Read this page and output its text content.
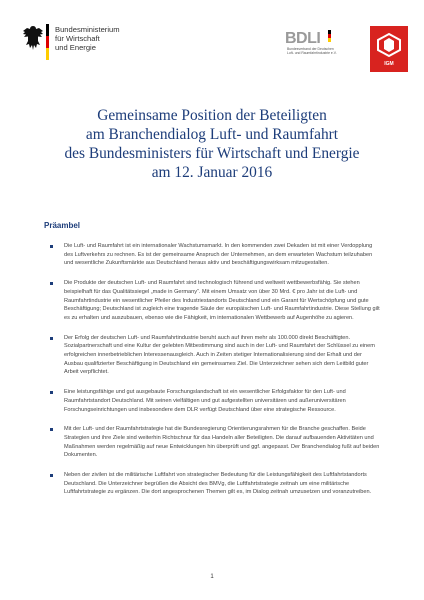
Bundesministerium
für Wirtschaft
und Energie
BDLI
Bundesverband der Deutschen
Luft- und Raumfahrtindustrie e.V.
IGM
Gemeinsame Position der Beteiligten
am Branchendialog Luft- und Raumfahrt
des Bundesministers für Wirtschaft und Energie
am 12. Januar 2016
Präambel
Die Luft- und Raumfahrt ist ein internationaler Wachstumsmarkt. In den kommenden zwei Dekaden ist mit einer Verdopplung des Luftverkehrs zu rechnen. Es ist der gemeinsame Anspruch der Unternehmen, an dem erwarteten Wachstum teilzuhaben und wesentliche Zukunftsmärkte aus Deutschland heraus aktiv und beschäftigungswirksam mitzugestalten.
Die Produkte der deutschen Luft- und Raumfahrt sind technologisch führend und weltweit wettbewerbsfähig. Sie stehen beispielhaft für das Qualitätssiegel „made in Germany“. Mit einem Umsatz von über 30 Mrd. € pro Jahr ist die Luft- und Raumfahrtindustrie ein wesentlicher Pfeiler des Industriestandorts Deutschland und ein Garant für Wertschöpfung und gute Beschäftigung; Deutschland ist zugleich eine tragende Säule der europäischen Luft- und Raumfahrtindustrie. Diese Stellung gilt es zu erhalten und auszubauen, ebenso wie die Fähigkeit, im internationalen Wettbewerb auf Augenhöhe zu agieren.
Der Erfolg der deutschen Luft- und Raumfahrtindustrie beruht auch auf ihren mehr als 100.000 direkt Beschäftigten. Sozialpartnerschaft und eine Kultur der gelebten Mitbestimmung sind auch in der Luft- und Raumfahrt der Schlüssel zu einem erfolgreichen innerbetrieblichen Interessenausgleich. Auch in Zeiten stetiger Internationalisierung sind der Erhalt und der Ausbau qualifizierter Beschäftigung in Deutschland ein gemeinsames Ziel. Die Unterzeichner sehen sich dem Leitbild guter Arbeit verpflichtet.
Eine leistungsfähige und gut ausgebaute Forschungslandschaft ist ein wesentlicher Erfolgsfaktor für den Luft- und Raumfahrtstandort Deutschland. Mit seinen vielfältigen und gut aufgestellten universitären und außeruniversitären Forschungseinrichtungen und insbesondere dem DLR verfügt Deutschland über eine strategische Ressource.
Mit der Luft- und der Raumfahrtstrategie hat die Bundesregierung Orientierungsrahmen für die Branche geschaffen. Beide Strategien und ihre Ziele sind weiterhin Richtschnur für das Handeln aller Beteiligten. Die darauf aufbauenden Aktivitäten und Maßnahmen werden regelmäßig auf neue Entwicklungen hin überprüft und ggf. angepasst. Der Branchendialog fußt auf beiden Dokumenten.
Neben der zivilen ist die militärische Luftfahrt von strategischer Bedeutung für die Leistungsfähigkeit des Luftfahrtstandorts Deutschland. Die Unterzeichner begrüßen die Absicht des BMVg, die Luftfahrtstrategie zeitnah um eine militärische Luftfahrtstrategie zu ergänzen. Die dort angesprochenen Themen gilt es, im Dialog zeitnah umzusetzen und voranzutreiben.
1
